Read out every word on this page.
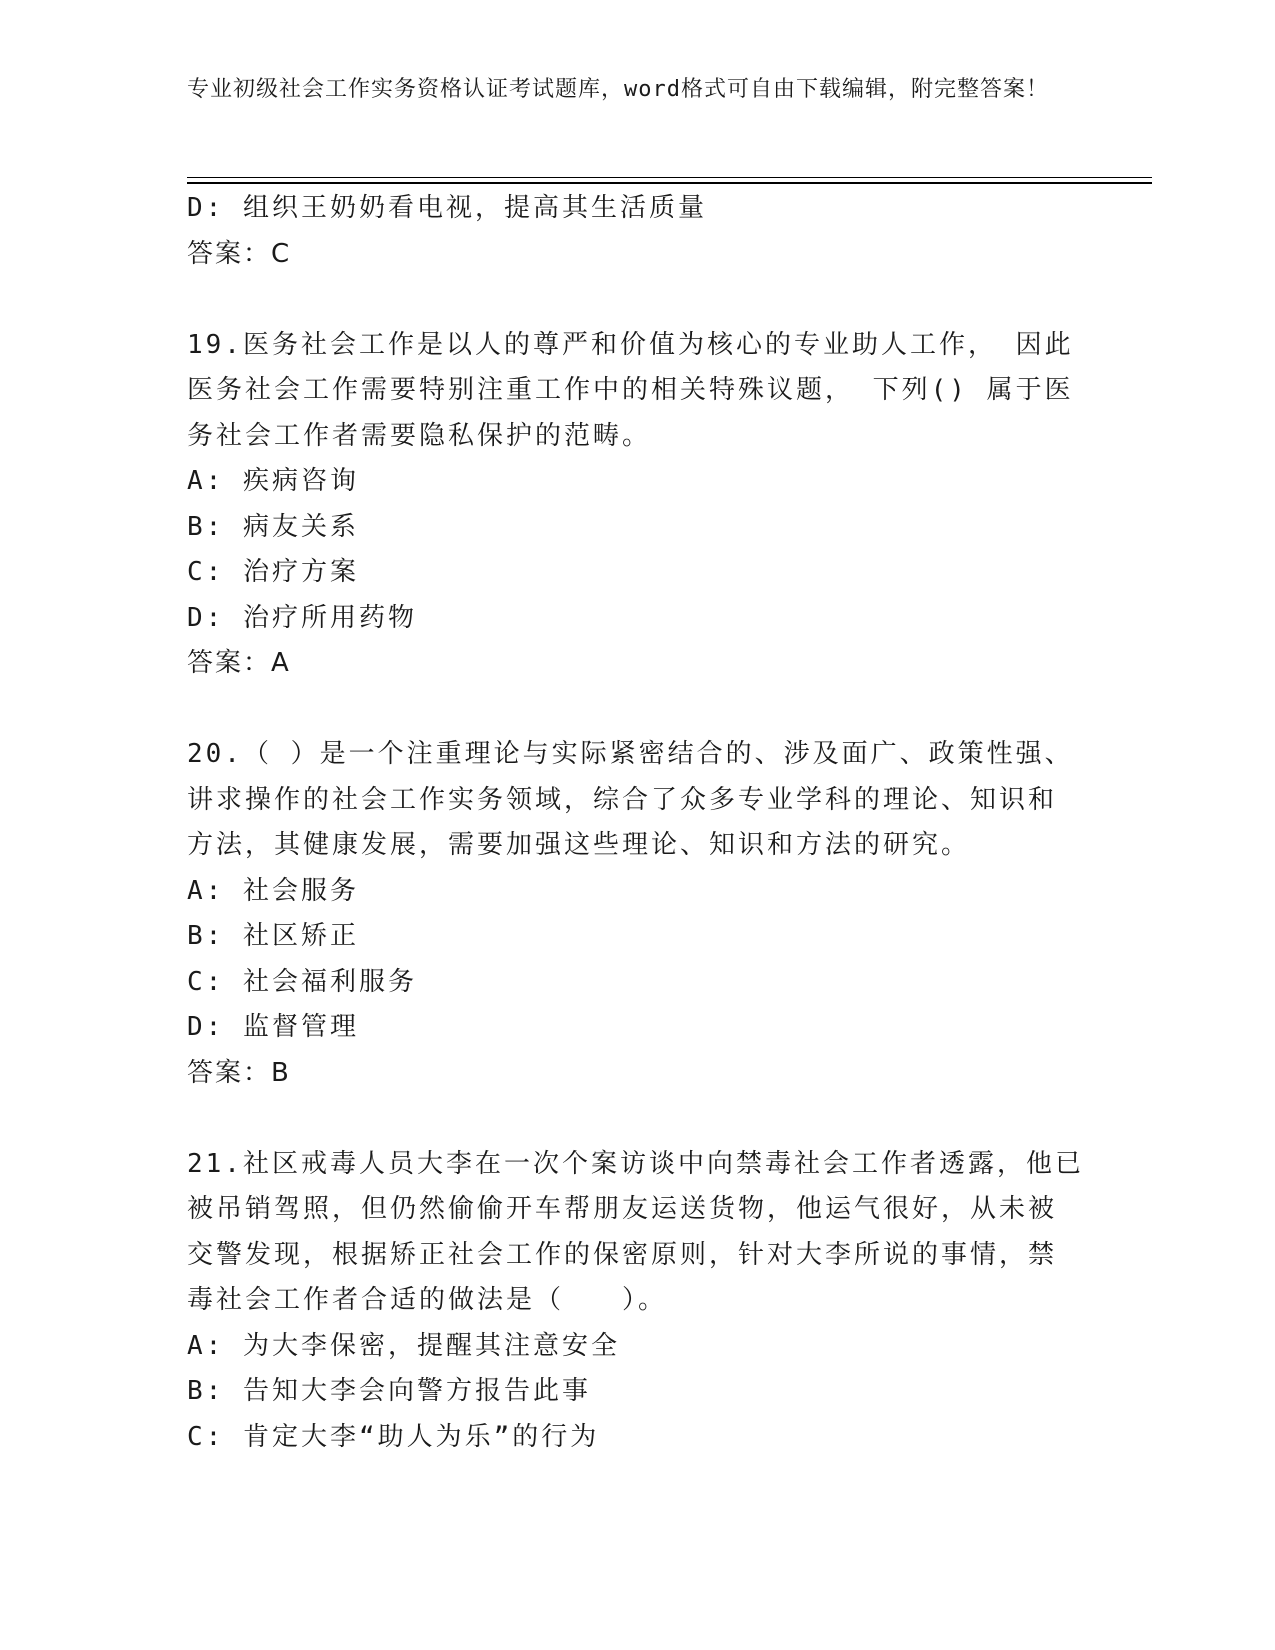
专业初级社会工作实务资格认证考试题库，word格式可自由下载编辑，附完整答案！
D: 组织王奶奶看电视，提高其生活质量
答案：C
19.医务社会工作是以人的尊严和价值为核心的专业助人工作， 因此
医务社会工作需要特别注重工作中的相关特殊议题， 下列() 属于医
务社会工作者需要隐私保护的范畴。
A: 疾病咨询
B: 病友关系
C: 治疗方案
D: 治疗所用药物
答案：A
20.（ ）是一个注重理论与实际紧密结合的、涉及面广、政策性强、
讲求操作的社会工作实务领域，综合了众多专业学科的理论、知识和
方法，其健康发展，需要加强这些理论、知识和方法的研究。
A: 社会服务
B: 社区矫正
C: 社会福利服务
D: 监督管理
答案：B
21.社区戒毒人员大李在一次个案访谈中向禁毒社会工作者透露，他已
被吊销驾照，但仍然偷偷开车帮朋友运送货物，他运气很好，从未被
交警发现，根据矫正社会工作的保密原则，针对大李所说的事情，禁
毒社会工作者合适的做法是（　　）。
A: 为大李保密，提醒其注意安全
B: 告知大李会向警方报告此事
C: 肯定大李“助人为乐”的行为
